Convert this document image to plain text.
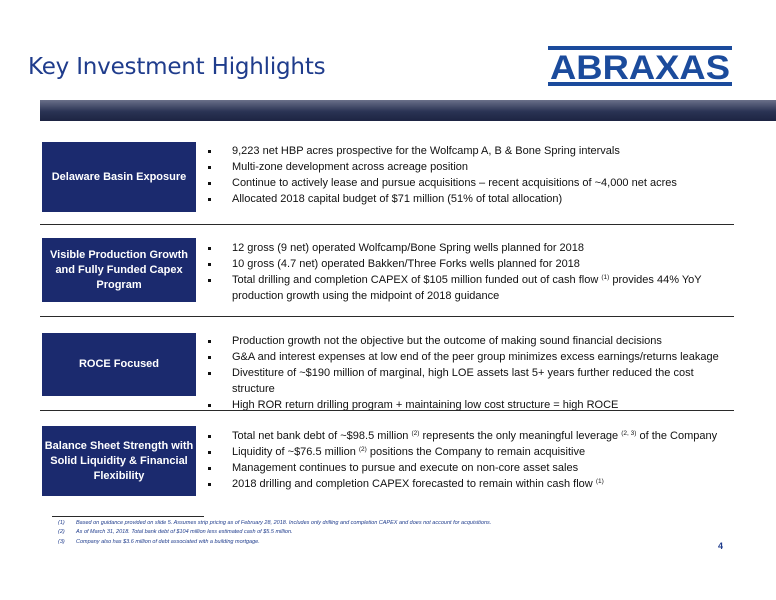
Key Investment Highlights	ABRAXAS
Delaware Basin Exposure
9,223 net HBP acres prospective for the Wolfcamp A, B & Bone Spring intervals
Multi-zone development across acreage position
Continue to actively lease and pursue acquisitions – recent acquisitions of ~4,000 net acres
Allocated 2018 capital budget of $71 million (51% of total allocation)
Visible Production Growth and Fully Funded Capex Program
12 gross (9 net) operated Wolfcamp/Bone Spring wells planned for 2018
10 gross (4.7 net) operated Bakken/Three Forks wells planned for 2018
Total drilling and completion CAPEX of $105 million funded out of cash flow $^{(1)}$ provides 44% YoY production growth using the midpoint of 2018 guidance
ROCE Focused
Production growth not the objective but the outcome of making sound financial decisions
G&A and interest expenses at low end of the peer group minimizes excess earnings/returns leakage
Divestiture of ~$190 million of marginal, high LOE assets last 5+ years further reduced the cost structure
High ROR return drilling program + maintaining low cost structure = high ROCE
Balance Sheet Strength with Solid Liquidity & Financial Flexibility
Total net bank debt of ~$98.5 million $^{(2)}$ represents the only meaningful leverage $^{(2, 3)}$ of the Company
Liquidity of ~$76.5 million $^{(2)}$ positions the Company to remain acquisitive
Management continues to pursue and execute on non-core asset sales
2018 drilling and completion CAPEX forecasted to remain within cash flow $^{(1)}$
(1) Based on guidance provided on slide 5. Assumes strip pricing as of February 28, 2018. Includes only drilling and completion CAPEX and does not account for acquisitions.
(2) As of March 31, 2018. Total bank debt of $104 million less estimated cash of $5.5 million.
(3) Company also has $3.6 million of debt associated with a building mortgage.	4
